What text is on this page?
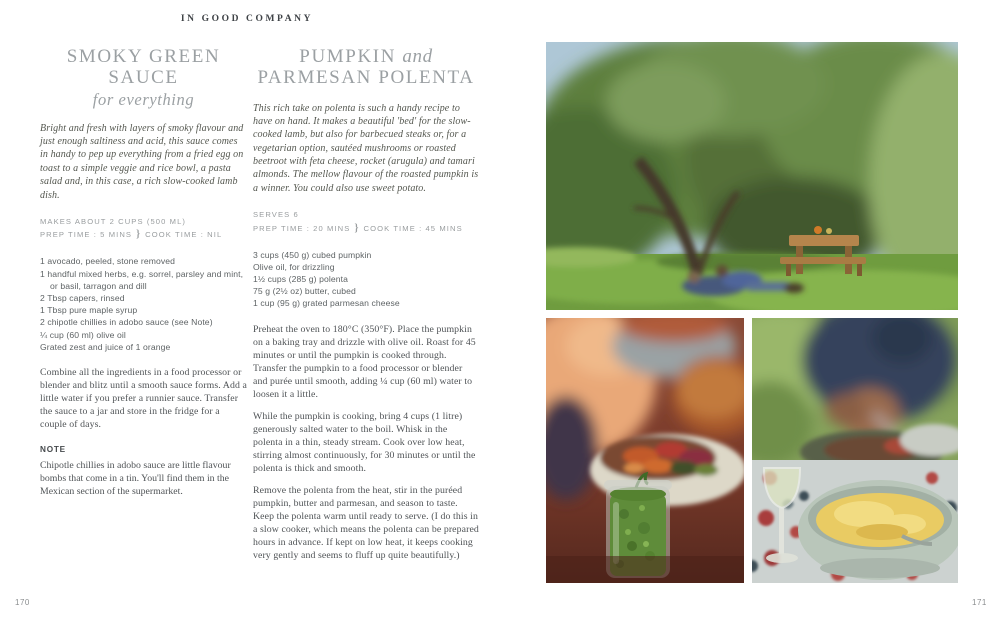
IN GOOD COMPANY
SMOKY GREEN SAUCE
for everything

Bright and fresh with layers of smoky flavour and just enough saltiness and acid, this sauce comes in handy to pep up everything from a fried egg on toast to a simple veggie and rice bowl, a pasta salad and, in this case, a rich slow-cooked lamb dish.

MAKES ABOUT 2 CUPS (500 ML)
PREP TIME : 5 MINS } COOK TIME : NIL
1 avocado, peeled, stone removed
1 handful mixed herbs, e.g. sorrel, parsley and mint, or basil, tarragon and dill
2 Tbsp capers, rinsed
1 Tbsp pure maple syrup
2 chipotle chillies in adobo sauce (see Note)
¼ cup (60 ml) olive oil
Grated zest and juice of 1 orange

Combine all the ingredients in a food processor or blender and blitz until a smooth sauce forms. Add a little water if you prefer a runnier sauce. Transfer the sauce to a jar and store in the fridge for a couple of days.

NOTE

Chipotle chillies in adobo sauce are little flavour bombs that come in a tin. You'll find them in the Mexican section of the supermarket.

PUMPKIN and
PARMESAN POLENTA

This rich take on polenta is such a handy recipe to have on hand. It makes a beautiful 'bed' for the slow-cooked lamb, but also for barbecued steaks or, for a vegetarian option, sautéed mushrooms or roasted beetroot with feta cheese, rocket (arugula) and tamari almonds. The mellow flavour of the roasted pumpkin is a winner. You could also use sweet potato.

SERVES 6
PREP TIME : 20 MINS } COOK TIME : 45 MINS
3 cups (450 g) cubed pumpkin
Olive oil, for drizzling
1½ cups (285 g) polenta
75 g (2½ oz) butter, cubed
1 cup (95 g) grated parmesan cheese

Preheat the oven to 180°C (350°F). Place the pumpkin on a baking tray and drizzle with olive oil. Roast for 45 minutes or until the pumpkin is cooked through. Transfer the pumpkin to a food processor or blender and purée until smooth, adding ¼ cup (60 ml) water to loosen it a little.

While the pumpkin is cooking, bring 4 cups (1 litre) generously salted water to the boil. Whisk in the polenta in a thin, steady stream. Cook over low heat, stirring almost continuously, for 30 minutes or until the polenta is thick and smooth.

Remove the polenta from the heat, stir in the puréed pumpkin, butter and parmesan, and season to taste. Keep the polenta warm until ready to serve. (I do this in a slow cooker, which means the polenta can be prepared hours in advance. If kept on low heat, it keeps cooking very gently and seems to fluff up quite beautifully.)

170	171
